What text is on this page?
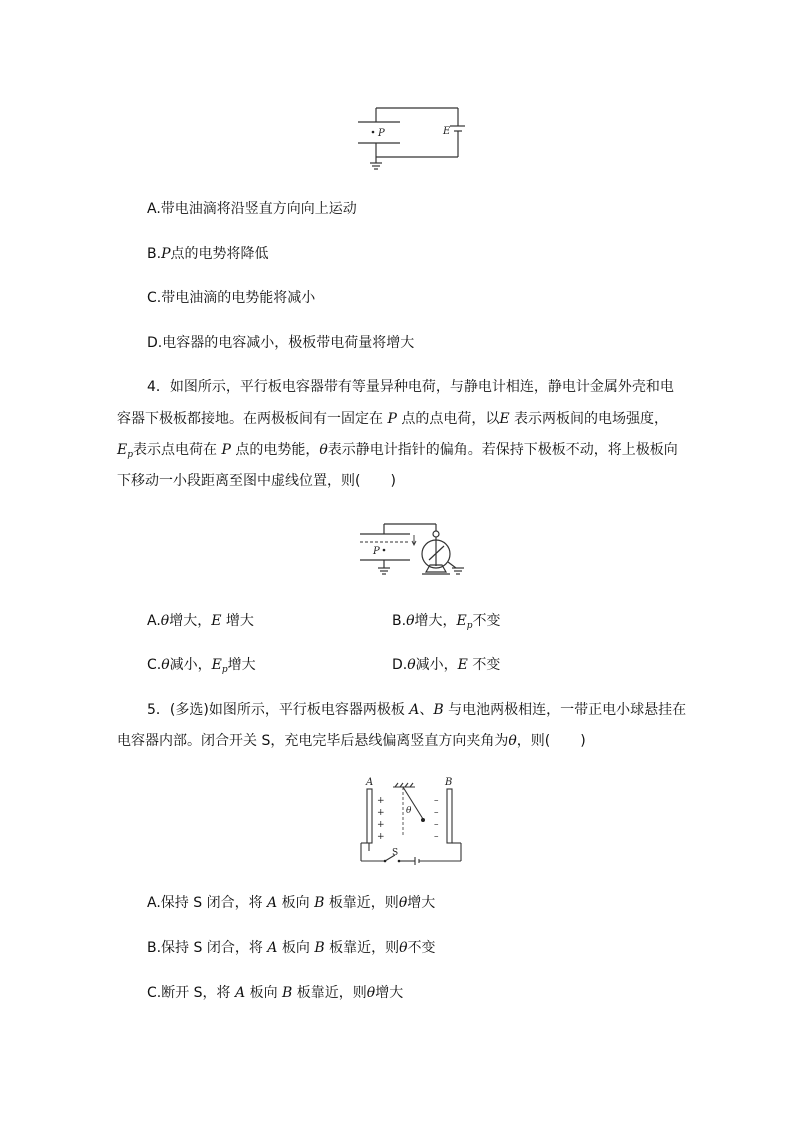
P	E
A.带电油滴将沿竖直方向向上运动
B.P点的电势将降低
C.带电油滴的电势能将减小
D.电容器的电容减小，极板带电荷量将增大
4．如图所示，平行板电容器带有等量异种电荷，与静电计相连，静电计金属外壳和电
容器下极板都接地。在两极板间有一固定在 P 点的点电荷，以E 表示两板间的电场强度，
$E_p$表示点电荷在 P 点的电势能，θ表示静电计指针的偏角。若保持下极板不动，将上极板向
下移动一小段距离至图中虚线位置，则( )
P
A.θ增大，E 增大	B.θ增大，$E_p$不变
C.θ减小，$E_p$增大	D.θ减小，E 不变
5．(多选)如图所示，平行板电容器两极板 A、B 与电池两极相连，一带正电小球悬挂在
电容器内部。闭合开关 S，充电完毕后悬线偏离竖直方向夹角为θ，则( )
A	B
θ
S
+
+
+
+
–
–
–
–
A.保持 S 闭合，将 A 板向 B 板靠近，则θ增大
B.保持 S 闭合，将 A 板向 B 板靠近，则θ不变
C.断开 S，将 A 板向 B 板靠近，则θ增大
